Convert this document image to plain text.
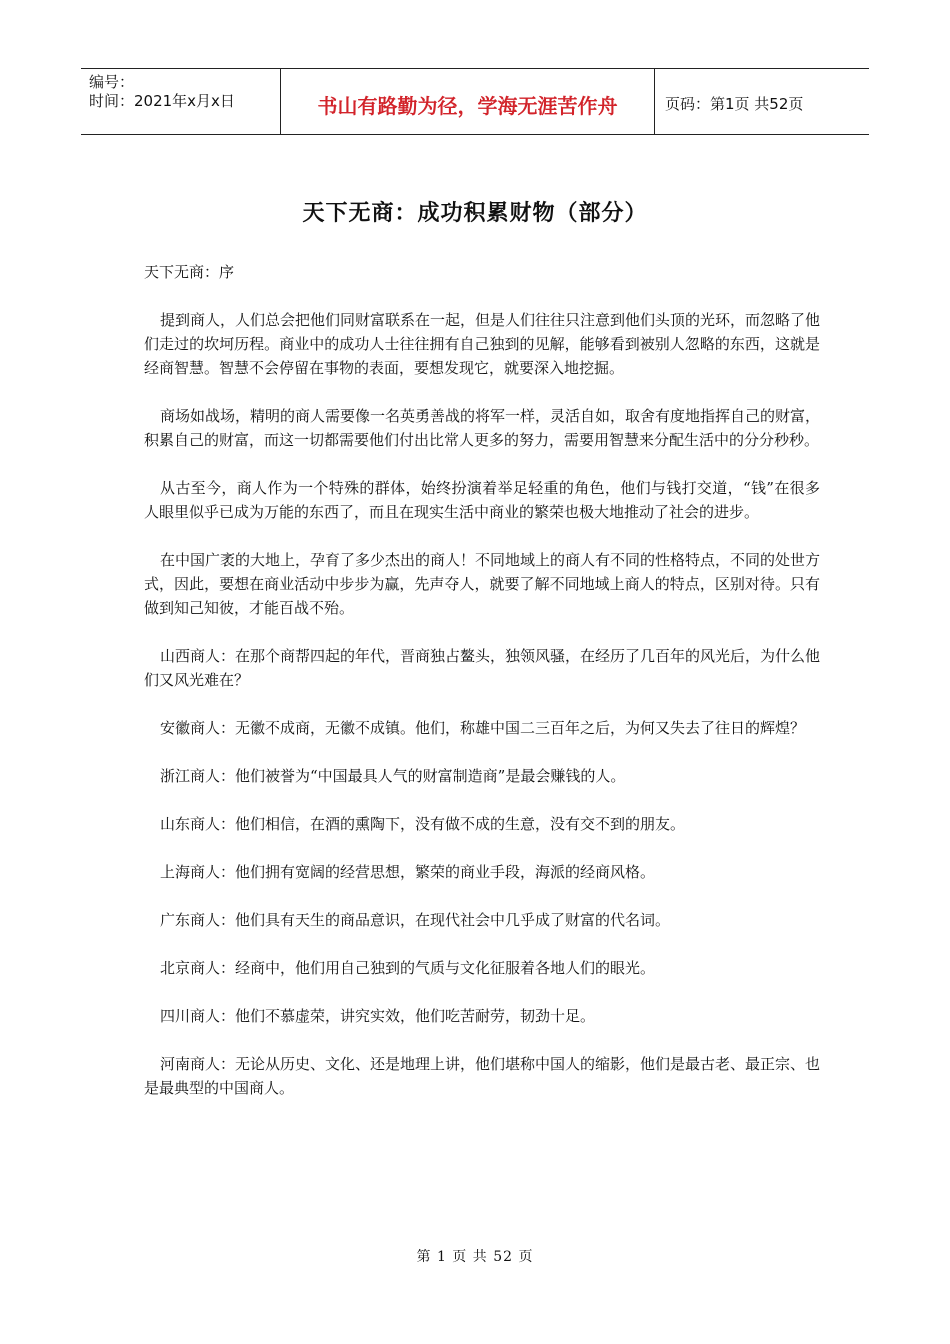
编号：
时间：2021年x月x日	书山有路勤为径，学海无涯苦作舟	页码：第1页 共52页
天下无商：成功积累财物（部分）

天下无商：序

提到商人，人们总会把他们同财富联系在一起，但是人们往往只注意到他们头顶的光环，而忽略了他们走过的坎坷历程。商业中的成功人士往往拥有自己独到的见解，能够看到被别人忽略的东西，这就是经商智慧。智慧不会停留在事物的表面，要想发现它，就要深入地挖掘。

商场如战场，精明的商人需要像一名英勇善战的将军一样，灵活自如，取舍有度地指挥自己的财富，积累自己的财富，而这一切都需要他们付出比常人更多的努力，需要用智慧来分配生活中的分分秒秒。

从古至今，商人作为一个特殊的群体，始终扮演着举足轻重的角色，他们与钱打交道，“钱”在很多人眼里似乎已成为万能的东西了，而且在现实生活中商业的繁荣也极大地推动了社会的进步。

在中国广袤的大地上，孕育了多少杰出的商人！不同地域上的商人有不同的性格特点，不同的处世方式，因此，要想在商业活动中步步为赢，先声夺人，就要了解不同地域上商人的特点，区别对待。只有做到知己知彼，才能百战不殆。

山西商人：在那个商帮四起的年代，晋商独占鳌头，独领风骚，在经历了几百年的风光后，为什么他们又风光难在？

安徽商人：无徽不成商，无徽不成镇。他们，称雄中国二三百年之后，为何又失去了往日的辉煌？

浙江商人：他们被誉为“中国最具人气的财富制造商”是最会赚钱的人。

山东商人：他们相信，在酒的熏陶下，没有做不成的生意，没有交不到的朋友。

上海商人：他们拥有宽阔的经营思想，繁荣的商业手段，海派的经商风格。

广东商人：他们具有天生的商品意识，在现代社会中几乎成了财富的代名词。

北京商人：经商中，他们用自己独到的气质与文化征服着各地人们的眼光。

四川商人：他们不慕虚荣，讲究实效，他们吃苦耐劳，韧劲十足。

河南商人：无论从历史、文化、还是地理上讲，他们堪称中国人的缩影，他们是最古老、最正宗、也是最典型的中国商人。

第 1 页 共 52 页
